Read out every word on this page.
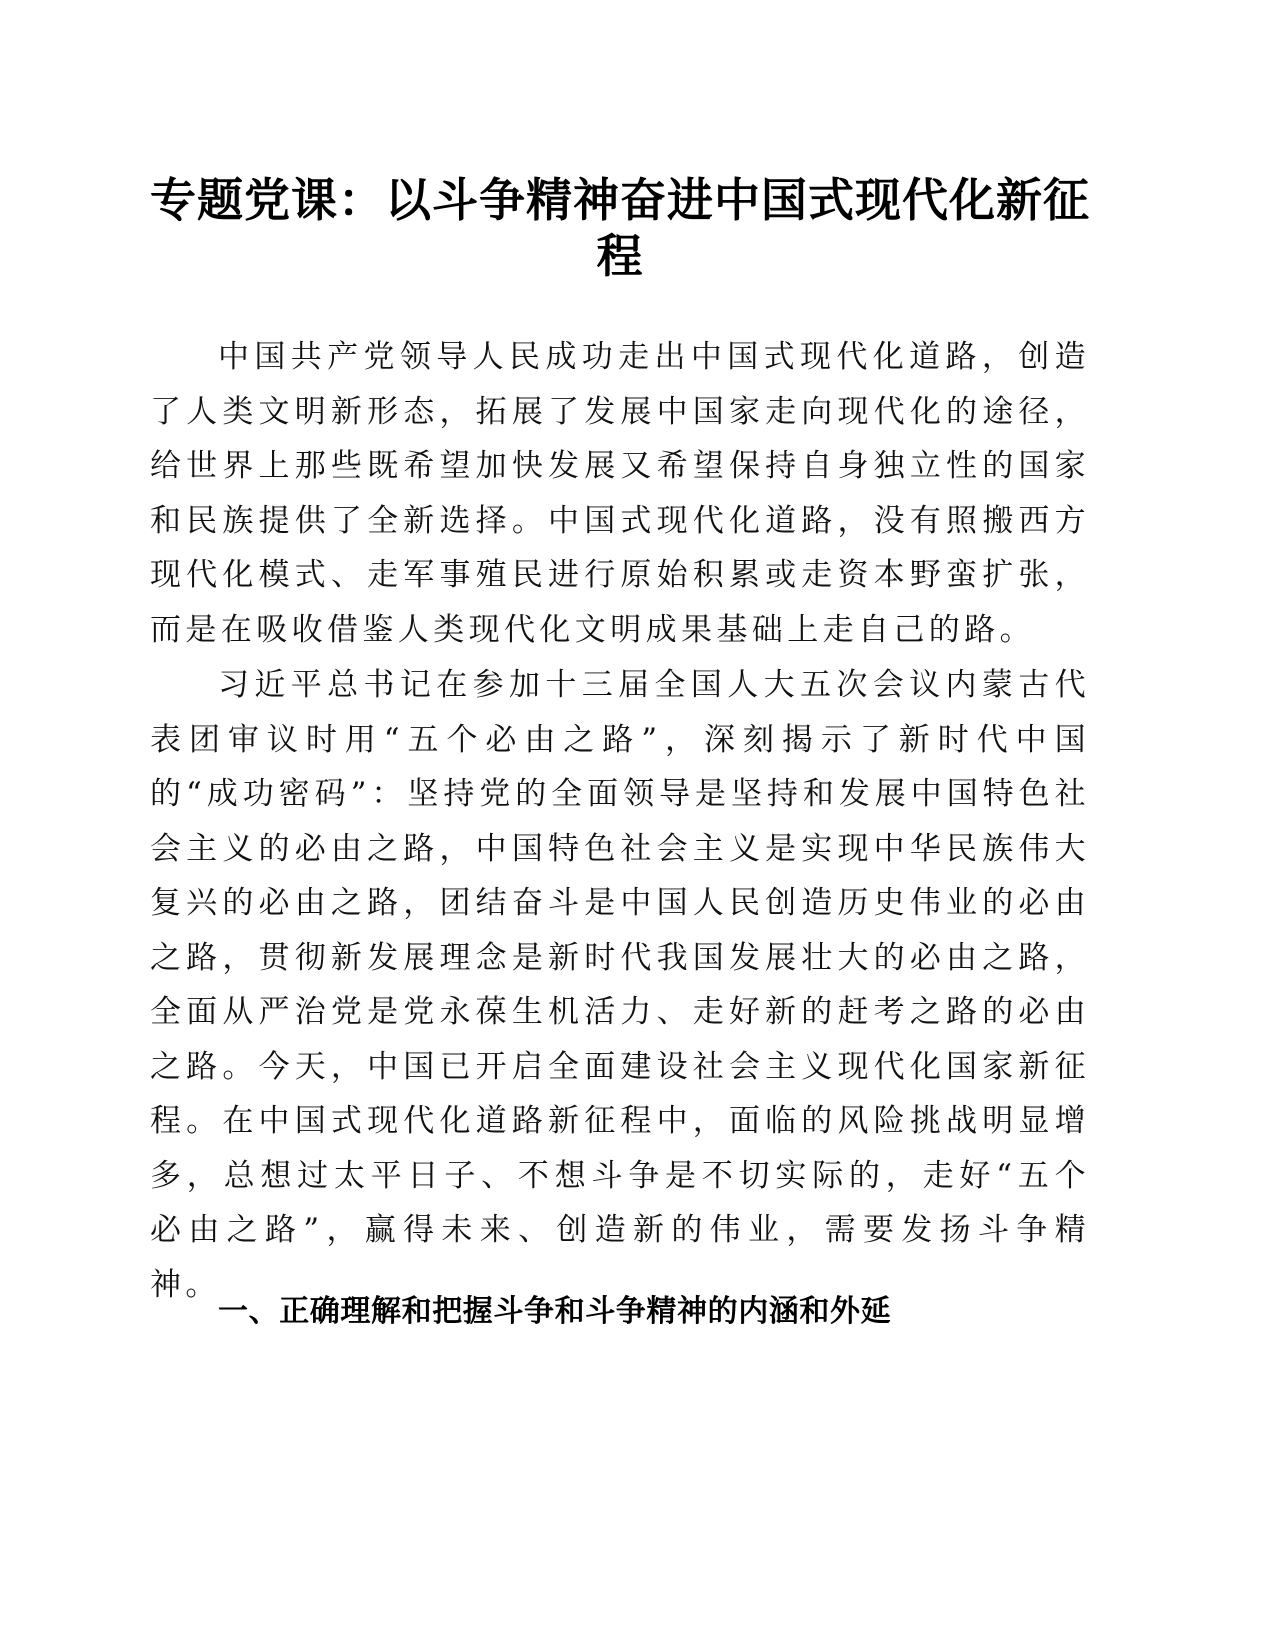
专题党课：以斗争精神奋进中国式现代化新征程

中国共产党领导人民成功走出中国式现代化道路，创造了人类文明新形态，拓展了发展中国家走向现代化的途径，给世界上那些既希望加快发展又希望保持自身独立性的国家和民族提供了全新选择。中国式现代化道路，没有照搬西方现代化模式、走军事殖民进行原始积累或走资本野蛮扩张，而是在吸收借鉴人类现代化文明成果基础上走自己的路。

习近平总书记在参加十三届全国人大五次会议内蒙古代表团审议时用“五个必由之路”，深刻揭示了新时代中国的“成功密码”：坚持党的全面领导是坚持和发展中国特色社会主义的必由之路，中国特色社会主义是实现中华民族伟大复兴的必由之路，团结奋斗是中国人民创造历史伟业的必由之路，贯彻新发展理念是新时代我国发展壮大的必由之路，全面从严治党是党永葆生机活力、走好新的赶考之路的必由之路。今天，中国已开启全面建设社会主义现代化国家新征程。在中国式现代化道路新征程中，面临的风险挑战明显增多，总想过太平日子、不想斗争是不切实际的，走好“五个必由之路”，赢得未来、创造新的伟业，需要发扬斗争精神。

一、正确理解和把握斗争和斗争精神的内涵和外延
